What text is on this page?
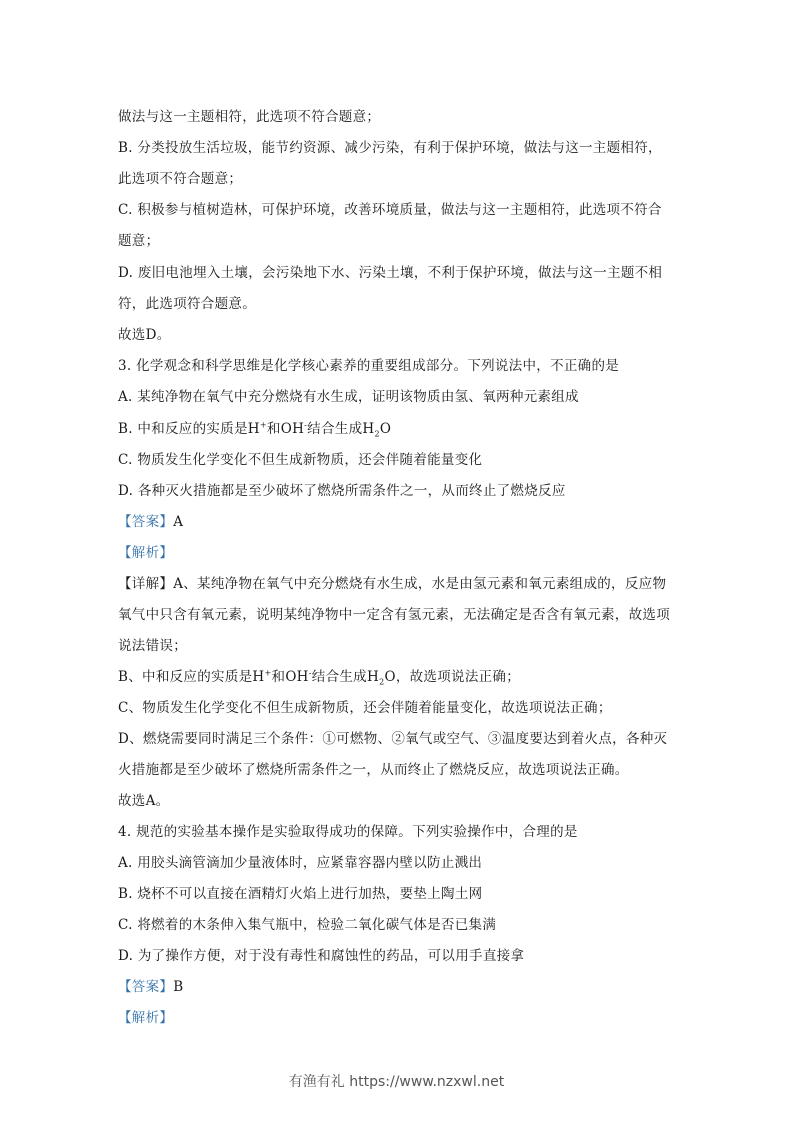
做法与这一主题相符，此选项不符合题意；
B. 分类投放生活垃圾，能节约资源、减少污染，有利于保护环境，做法与这一主题相符，
此选项不符合题意；
C. 积极参与植树造林，可保护环境，改善环境质量，做法与这一主题相符，此选项不符合
题意；
D. 废旧电池埋入土壤，会污染地下水、污染土壤，不利于保护环境，做法与这一主题不相
符，此选项符合题意。
故选D。
3. 化学观念和科学思维是化学核心素养的重要组成部分。下列说法中，不正确的是
A. 某纯净物在氧气中充分燃烧有水生成，证明该物质由氢、氧两种元素组成
B. 中和反应的实质是H+和OH-结合生成$H_2O$
C. 物质发生化学变化不但生成新物质，还会伴随着能量变化
D. 各种灭火措施都是至少破坏了燃烧所需条件之一，从而终止了燃烧反应
【答案】A
【解析】
【详解】A、某纯净物在氧气中充分燃烧有水生成，水是由氢元素和氧元素组成的，反应物
氧气中只含有氧元素，说明某纯净物中一定含有氢元素，无法确定是否含有氧元素，故选项
说法错误；
B、中和反应的实质是H+和OH-结合生成$H_2O$，故选项说法正确；
C、物质发生化学变化不但生成新物质，还会伴随着能量变化，故选项说法正确；
D、燃烧需要同时满足三个条件：①可燃物、②氧气或空气、③温度要达到着火点，各种灭
火措施都是至少破坏了燃烧所需条件之一，从而终止了燃烧反应，故选项说法正确。
故选A。
4. 规范的实验基本操作是实验取得成功的保障。下列实验操作中，合理的是
A. 用胶头滴管滴加少量液体时，应紧靠容器内壁以防止溅出
B. 烧杯不可以直接在酒精灯火焰上进行加热，要垫上陶土网
C. 将燃着的木条伸入集气瓶中，检验二氧化碳气体是否已集满
D. 为了操作方便，对于没有毒性和腐蚀性的药品，可以用手直接拿
【答案】B
【解析】
有渔有礼 https://www.nzxwl.net
